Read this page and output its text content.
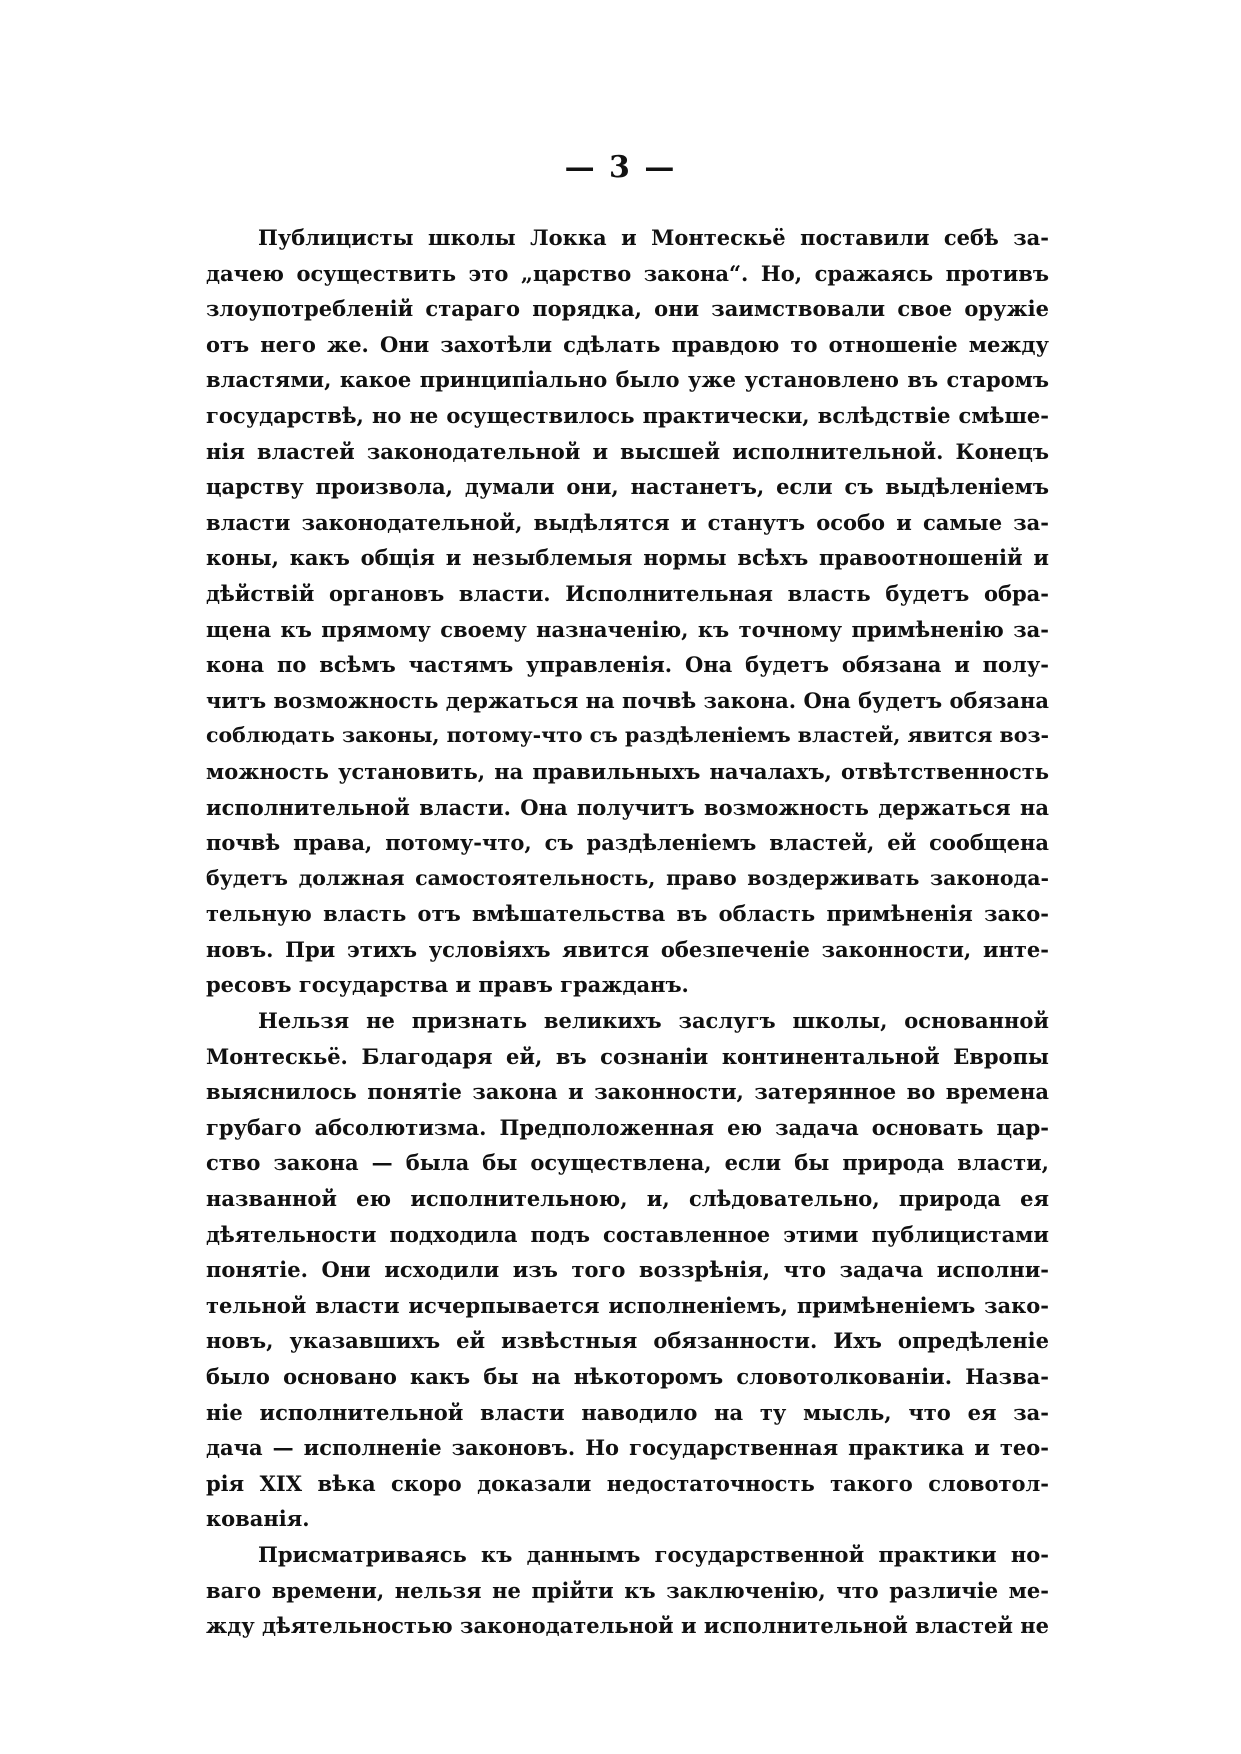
— 3 —
Публицисты школы Локка и Монтескьё поставили себѣ за-
дачею осуществить это „царство закона“. Но, сражаясь противъ
злоупотребленій стараго порядка, они заимствовали свое оружіе
отъ него же. Они захотѣли сдѣлать правдою то отношеніе между
властями, какое принципіально было уже установлено въ старомъ
государствѣ, но не осуществилось практически, вслѣдствіе смѣше-
нія властей законодательной и высшей исполнительной. Конецъ
царству произвола, думали они, настанетъ, если съ выдѣленіемъ
власти законодательной, выдѣлятся и станутъ особо и самые за-
коны, какъ общія и незыблемыя нормы всѣхъ правоотношеній и
дѣйствій органовъ власти. Исполнительная власть будетъ обра-
щена къ прямому своему назначенію, къ точному примѣненію за-
кона по всѣмъ частямъ управленія. Она будетъ обязана и полу-
читъ возможность держаться на почвѣ закона. Она будетъ обязана
соблюдать законы, потому-что съ раздѣленіемъ властей, явится воз-
можность установить, на правильныхъ началахъ, отвѣтственность
исполнительной власти. Она получитъ возможность держаться на
почвѣ права, потому-что, съ раздѣленіемъ властей, ей сообщена
будетъ должная самостоятельность, право воздерживать законода-
тельную власть отъ вмѣшательства въ область примѣненія зако-
новъ. При этихъ условіяхъ явится обезпеченіе законности, инте-
ресовъ государства и правъ гражданъ.
Нельзя не признать великихъ заслугъ школы, основанной
Монтескьё. Благодаря ей, въ сознаніи континентальной Европы
выяснилось понятіе закона и законности, затерянное во времена
грубаго абсолютизма. Предположенная ею задача основать цар-
ство закона — была бы осуществлена, если бы природа власти,
названной ею исполнительною, и, слѣдовательно, природа ея
дѣятельности подходила подъ составленное этими публицистами
понятіе. Они исходили изъ того воззрѣнія, что задача исполни-
тельной власти исчерпывается исполненіемъ, примѣненіемъ зако-
новъ, указавшихъ ей извѣстныя обязанности. Ихъ опредѣленіе
было основано какъ бы на нѣкоторомъ словотолкованіи. Назва-
ніе исполнительной власти наводило на ту мысль, что ея за-
дача — исполненіе законовъ. Но государственная практика и тео-
рія XIX вѣка скоро доказали недостаточность такого словотол-
кованія.
Присматриваясь къ даннымъ государственной практики но-
ваго времени, нельзя не прійти къ заключенію, что различіе ме-
жду дѣятельностью законодательной и исполнительной властей не
